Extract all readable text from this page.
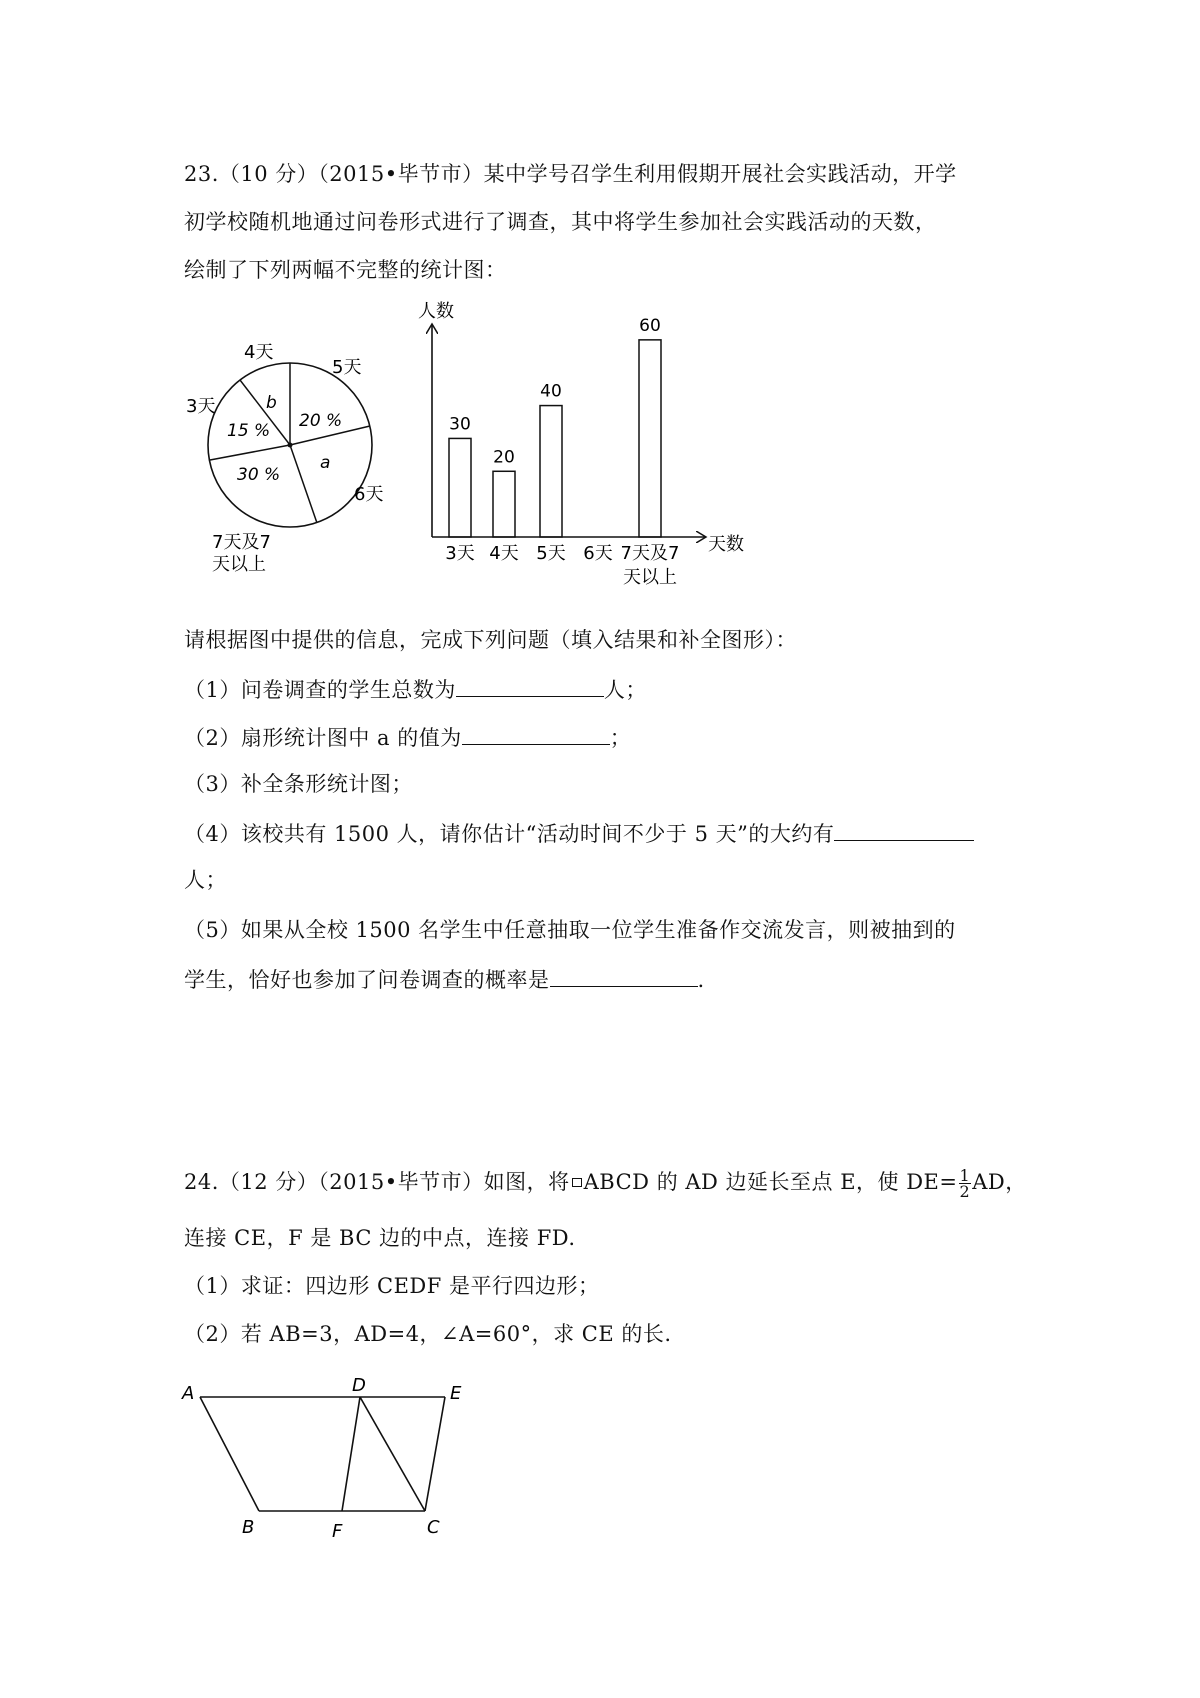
23.（10 分）（2015•毕节市）某中学号召学生利用假期开展社会实践活动，开学
初学校随机地通过问卷形式进行了调查，其中将学生参加社会实践活动的天数，
绘制了下列两幅不完整的统计图：
15 %
b
20 %
a
30 %
4天
5天
3天
6天
7天及7
天以上
人数
天数
30
20
40
60
3天 4天 5天 6天 7天及7
天以上
请根据图中提供的信息，完成下列问题（填入结果和补全图形）：
（1）问卷调查的学生总数为	人；
（2）扇形统计图中 a 的值为	；
（3）补全条形统计图；
（4）该校共有 1500 人，请你估计“活动时间不少于 5 天”的大约有
人；
（5）如果从全校 1500 名学生中任意抽取一位学生准备作交流发言，则被抽到的
学生，恰好也参加了问卷调查的概率是	.
24.（12 分）（2015•毕节市）如图，将 ABCD 的 AD 边延长至点 E，使 $DE= \frac{1}{2}$ AD，
连接 CE，F 是 BC 边的中点，连接 FD.
（1）求证：四边形 CEDF 是平行四边形；
（2）若 AB=3，AD=4，∠A=60°，求 CE 的长.
A	D	E
B	F	C
